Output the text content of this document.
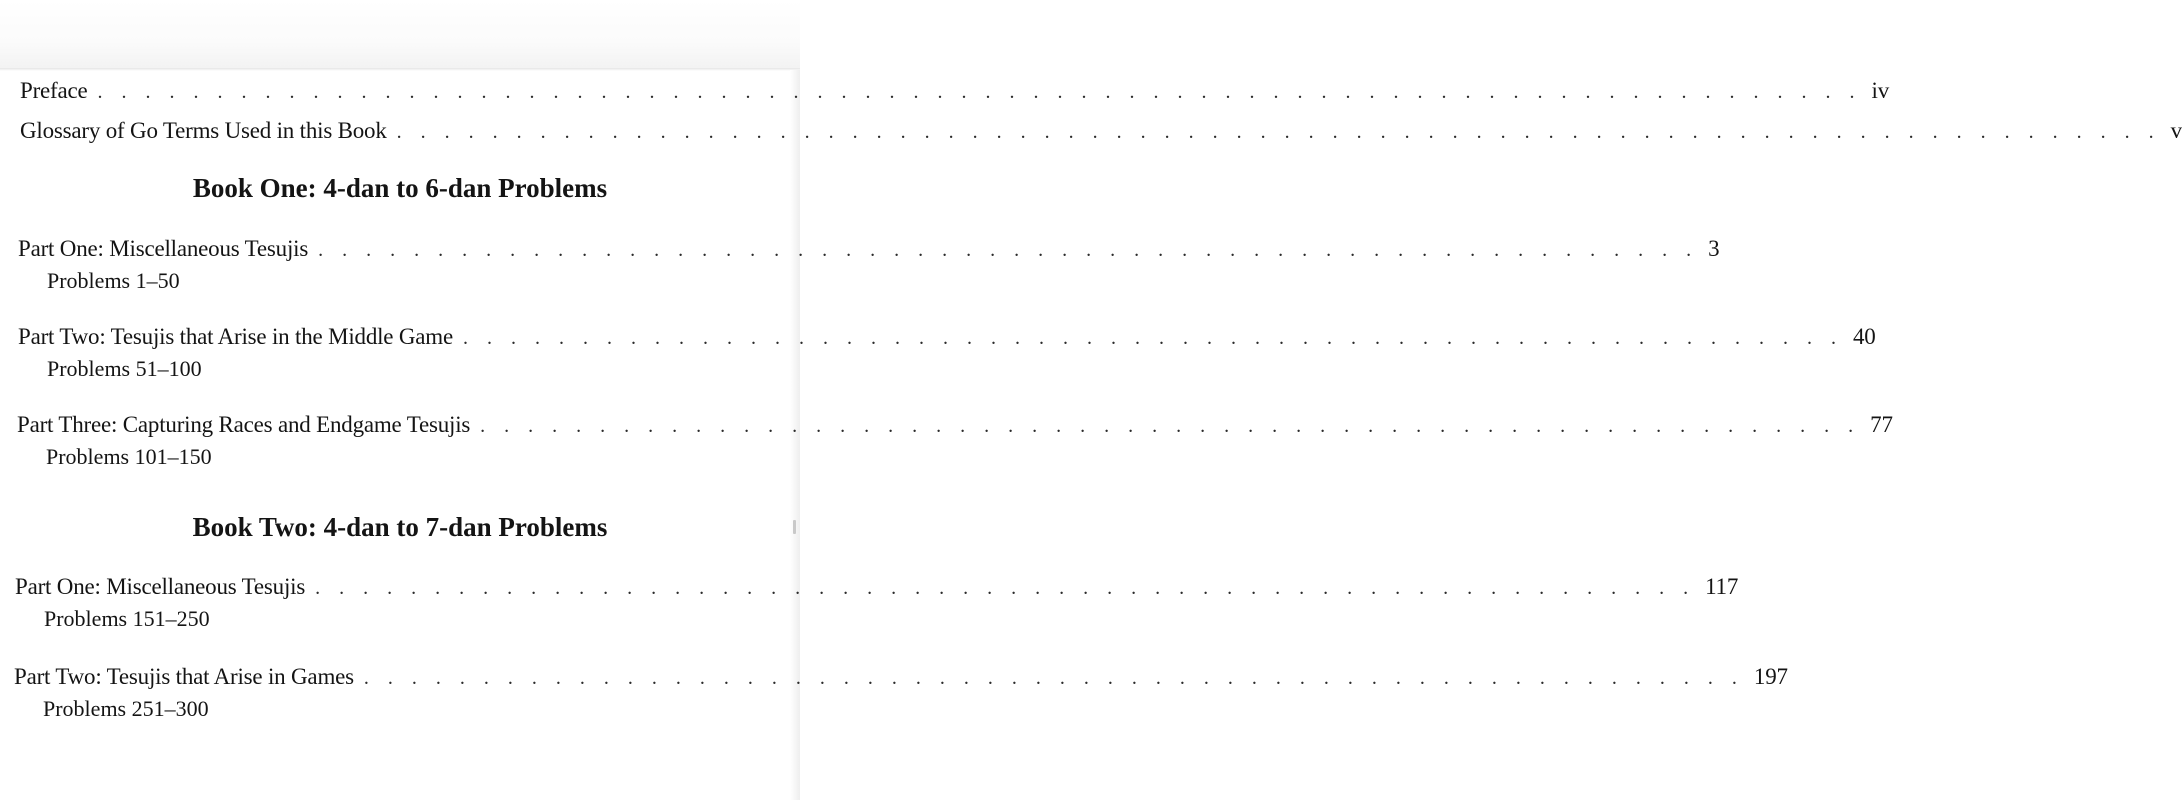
Preface . . . . . . . . . . . . . . . . . . . . . . . . . . . . . . . . . . . . . . . . . . . . . . . . . . . . . . . . . . . . . . . . . . . . . . . . . . iv
Glossary of Go Terms Used in this Book . . . . . . . . . . . . . . . . . . . . . . . . . . . . . . . . . . . . . . . . . . . . . . . . . . . . . . . . . . . . . . . . . . . . . . . . . . v
Book One: 4-dan to 6-dan Problems
Part One: Miscellaneous Tesujis . . . . . . . . . . . . . . . . . . . . . . . . . . . . . . . . . . . . . . . . . . . . . . . . . . . . . . . . . . 3
Problems 1–50
Part Two: Tesujis that Arise in the Middle Game . . . . . . . . . . . . . . . . . . . . . . . . . . . . . . . . . . . . . . . . . . . . . . . . . . . . . . . . . . 40
Problems 51–100
Part Three: Capturing Races and Endgame Tesujis . . . . . . . . . . . . . . . . . . . . . . . . . . . . . . . . . . . . . . . . . . . . . . . . . . . . . . . . . . 77
Problems 101–150
Book Two: 4-dan to 7-dan Problems
Part One: Miscellaneous Tesujis . . . . . . . . . . . . . . . . . . . . . . . . . . . . . . . . . . . . . . . . . . . . . . . . . . . . . . . . . . 117
Problems 151–250
Part Two: Tesujis that Arise in Games . . . . . . . . . . . . . . . . . . . . . . . . . . . . . . . . . . . . . . . . . . . . . . . . . . . . . . . . . . 197
Problems 251–300
